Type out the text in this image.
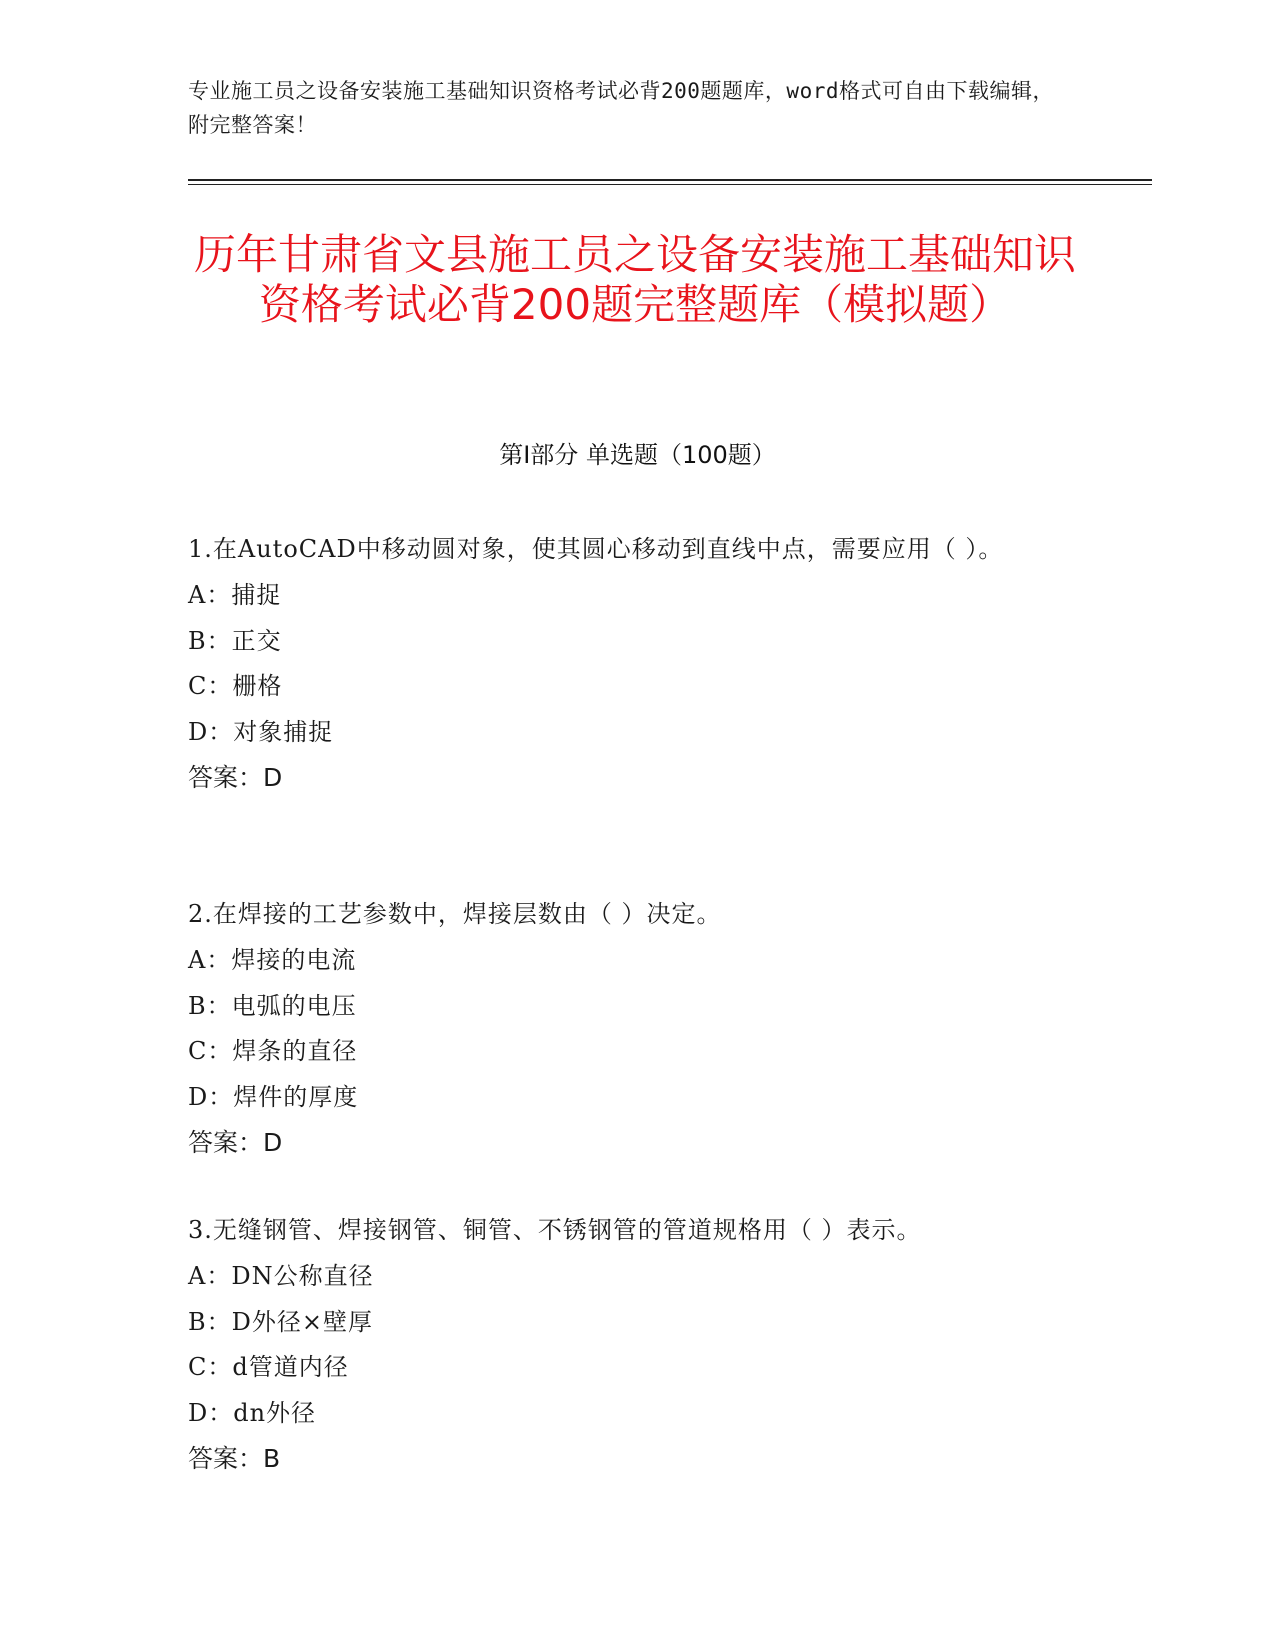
专业施工员之设备安装施工基础知识资格考试必背200题题库，word格式可自由下载编辑，附完整答案！
历年甘肃省文县施工员之设备安装施工基础知识资格考试必背200题完整题库（模拟题）
第Ⅰ部分 单选题（100题）
1.在AutoCAD中移动圆对象，使其圆心移动到直线中点，需要应用（ ）。
A：捕捉
B：正交
C：栅格
D：对象捕捉
答案：D
2.在焊接的工艺参数中，焊接层数由（ ）决定。
A：焊接的电流
B：电弧的电压
C：焊条的直径
D：焊件的厚度
答案：D
3.无缝钢管、焊接钢管、铜管、不锈钢管的管道规格用（ ）表示。
A：DN公称直径
B：D外径×壁厚
C：d管道内径
D：dn外径
答案：B
